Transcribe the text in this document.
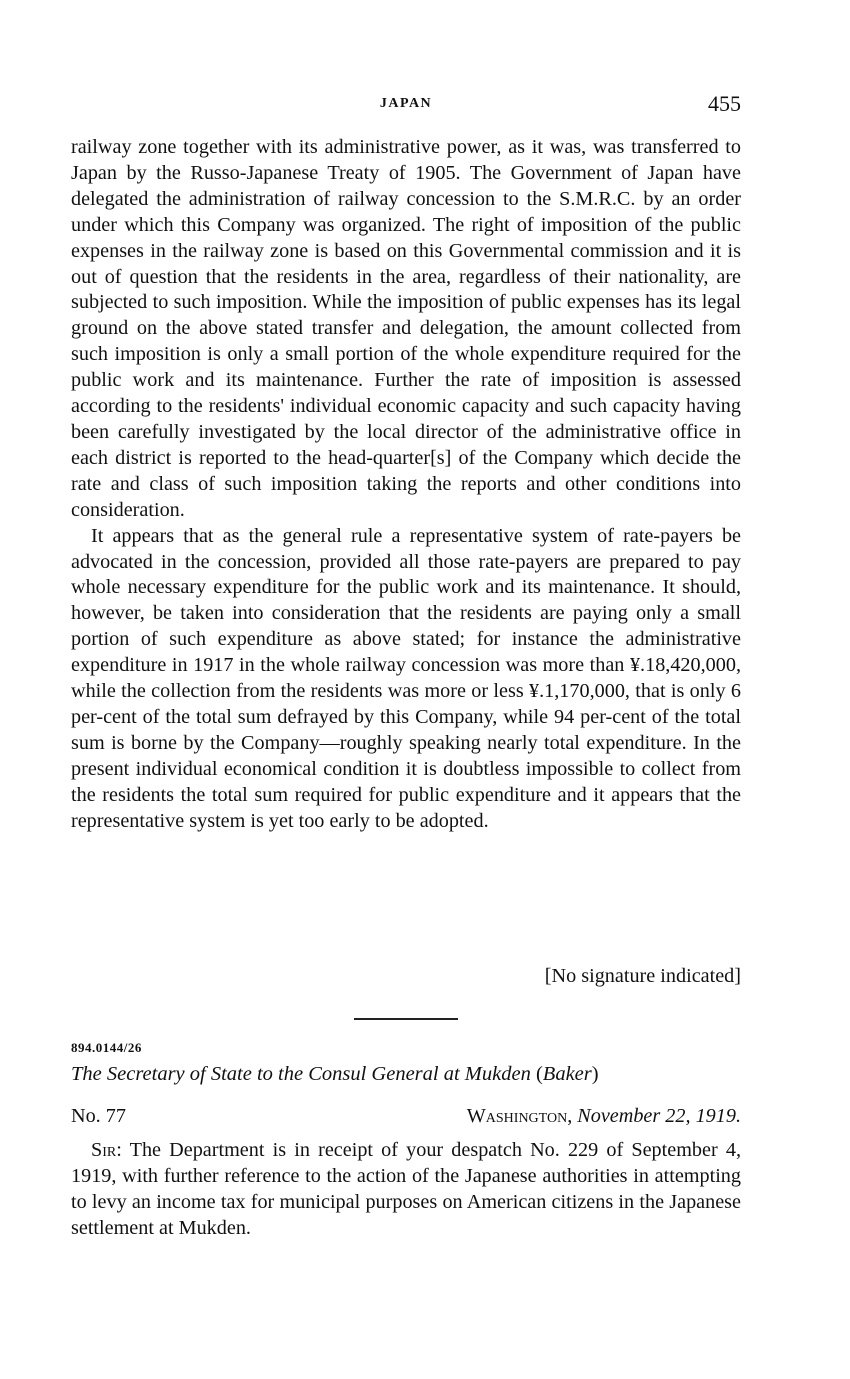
JAPAN	455

railway zone together with its administrative power, as it was, was transferred to Japan by the Russo-Japanese Treaty of 1905. The Government of Japan have delegated the administration of railway concession to the S.M.R.C. by an order under which this Company was organized. The right of imposition of the public expenses in the railway zone is based on this Governmental commission and it is out of question that the residents in the area, regardless of their nationality, are subjected to such imposition. While the imposition of public expenses has its legal ground on the above stated transfer and delegation, the amount collected from such imposition is only a small portion of the whole expenditure required for the public work and its maintenance. Further the rate of imposition is assessed according to the residents' individual economic capacity and such capacity having been carefully investigated by the local director of the administrative office in each district is reported to the head-quarter[s] of the Company which decide the rate and class of such imposition taking the reports and other conditions into consideration.

It appears that as the general rule a representative system of rate-payers be advocated in the concession, provided all those rate-payers are prepared to pay whole necessary expenditure for the public work and its maintenance. It should, however, be taken into consideration that the residents are paying only a small portion of such expenditure as above stated; for instance the administrative expenditure in 1917 in the whole railway concession was more than ¥.18,420,000, while the collection from the residents was more or less ¥.1,170,000, that is only 6 per-cent of the total sum defrayed by this Company, while 94 per-cent of the total sum is borne by the Company—roughly speaking nearly total expenditure. In the present individual economical condition it is doubtless impossible to collect from the residents the total sum required for public expenditure and it appears that the representative system is yet too early to be adopted.

[No signature indicated]
894.0144/26
The Secretary of State to the Consul General at Mukden (Baker)
No. 77	Washington, November 22, 1919.

Sir: The Department is in receipt of your despatch No. 229 of September 4, 1919, with further reference to the action of the Japanese authorities in attempting to levy an income tax for municipal purposes on American citizens in the Japanese settlement at Mukden.
